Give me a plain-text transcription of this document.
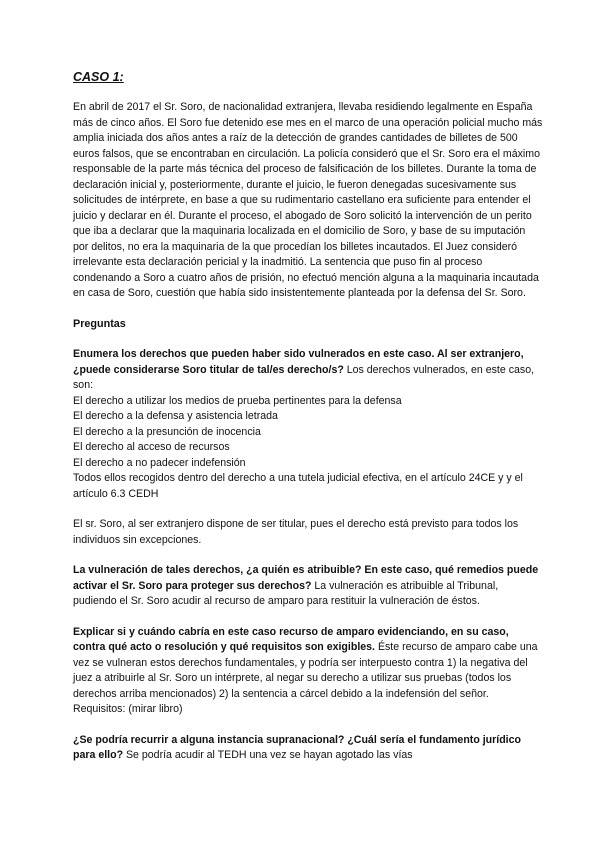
CASO 1:

En abril de 2017 el Sr. Soro, de nacionalidad extranjera, llevaba residiendo legalmente en España más de cinco años. El Soro fue detenido ese mes en el marco de una operación policial mucho más amplia iniciada dos años antes a raíz de la detección de grandes cantidades de billetes de 500 euros falsos, que se encontraban en circulación. La policía consideró que el Sr. Soro era el máximo responsable de la parte más técnica del proceso de falsificación de los billetes. Durante la toma de declaración inicial y, posteriormente, durante el juicio, le fueron denegadas sucesivamente sus solicitudes de intérprete, en base a que su rudimentario castellano era suficiente para entender el juicio y declarar en él. Durante el proceso, el abogado de Soro solicitó la intervención de un perito que iba a declarar que la maquinaria localizada en el domicilio de Soro, y base de su imputación por delitos, no era la maquinaria de la que procedían los billetes incautados. El Juez consideró irrelevante esta declaración pericial y la inadmitió. La sentencia que puso fin al proceso condenando a Soro a cuatro años de prisión, no efectuó mención alguna a la maquinaria incautada en casa de Soro, cuestión que había sido insistentemente planteada por la defensa del Sr. Soro.

Preguntas

Enumera los derechos que pueden haber sido vulnerados en este caso. Al ser extranjero, ¿puede considerarse Soro titular de tal/es derecho/s? Los derechos vulnerados, en este caso, son:

El derecho a utilizar los medios de prueba pertinentes para la defensa

El derecho a la defensa y asistencia letrada

El derecho a la presunción de inocencia

El derecho al acceso de recursos

El derecho a no padecer indefensión

Todos ellos recogidos dentro del derecho a una tutela judicial efectiva, en el artículo 24CE y y el artículo 6.3 CEDH

El sr. Soro, al ser extranjero dispone de ser titular, pues el derecho está previsto para todos los individuos sin excepciones.

La vulneración de tales derechos, ¿a quién es atribuible? En este caso, qué remedios puede activar el Sr. Soro para proteger sus derechos? La vulneración es atribuible al Tribunal, pudiendo el Sr. Soro acudir al recurso de amparo para restituir la vulneración de éstos.

Explicar si y cuándo cabría en este caso recurso de amparo evidenciando, en su caso, contra qué acto o resolución y qué requisitos son exigibles. Éste recurso de amparo cabe una vez se vulneran estos derechos fundamentales, y podría ser interpuesto contra 1) la negativa del juez a atribuirle al Sr. Soro un intérprete, al negar su derecho a utilizar sus pruebas (todos los derechos arriba mencionados) 2) la sentencia a cárcel debido a la indefensión del señor.

Requisitos: (mirar libro)

¿Se podría recurrir a alguna instancia supranacional? ¿Cuál sería el fundamento jurídico para ello? Se podría acudir al TEDH una vez se hayan agotado las vías
